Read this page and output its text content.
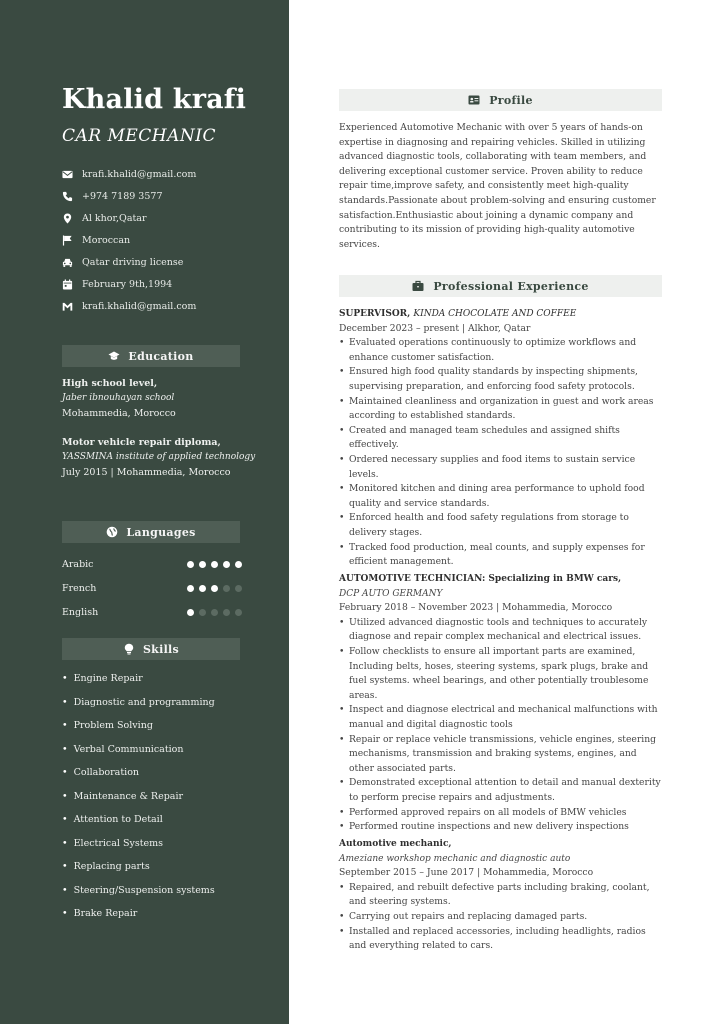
Khalid krafi
CAR MECHANIC
krafi.khalid@gmail.com
+974 7189 3577
Al khor,Qatar
Moroccan
Qatar driving license
February 9th,1994
krafi.khalid@gmail.com
Education
High school level,
Jaber ibnouhayan school
Mohammedia, Morocco
Motor vehicle repair diploma,
YASSMINA institute of applied technology
July 2015 | Mohammedia, Morocco
Languages
Arabic
French
English
Skills
• Engine Repair
• Diagnostic and programming
• Problem Solving
• Verbal Communication
• Collaboration
• Maintenance & Repair
• Attention to Detail
• Electrical Systems
• Replacing parts
• Steering/Suspension systems
• Brake Repair
Profile
Experienced Automotive Mechanic with over 5 years of hands-on expertise in diagnosing and repairing vehicles. Skilled in utilizing advanced diagnostic tools, collaborating with team members, and delivering exceptional customer service. Proven ability to reduce repair time,improve safety, and consistently meet high-quality standards.Passionate about problem-solving and ensuring customer satisfaction.Enthusiastic about joining a dynamic company and contributing to its mission of providing high-quality automotive services.
Professional Experience
SUPERVISOR, KINDA CHOCOLATE AND COFFEE
December 2023 – present | Alkhor, Qatar
• Evaluated operations continuously to optimize workflows and enhance customer satisfaction.
• Ensured high food quality standards by inspecting shipments, supervising preparation, and enforcing food safety protocols.
• Maintained cleanliness and organization in guest and work areas according to established standards.
• Created and managed team schedules and assigned shifts effectively.
• Ordered necessary supplies and food items to sustain service levels.
• Monitored kitchen and dining area performance to uphold food quality and service standards.
• Enforced health and food safety regulations from storage to delivery stages.
• Tracked food production, meal counts, and supply expenses for efficient management.
AUTOMOTIVE TECHNICIAN: Specializing in BMW cars,
DCP AUTO GERMANY
February 2018 – November 2023 | Mohammedia, Morocco
• Utilized advanced diagnostic tools and techniques to accurately diagnose and repair complex mechanical and electrical issues.
• Follow checklists to ensure all important parts are examined, Including belts, hoses, steering systems, spark plugs, brake and fuel systems. wheel bearings, and other potentially troublesome areas.
• Inspect and diagnose electrical and mechanical malfunctions with manual and digital diagnostic tools
• Repair or replace vehicle transmissions, vehicle engines, steering mechanisms, transmission and braking systems, engines, and other associated parts.
• Demonstrated exceptional attention to detail and manual dexterity to perform precise repairs and adjustments.
• Performed approved repairs on all models of BMW vehicles
• Performed routine inspections and new delivery inspections
Automotive mechanic,
Ameziane workshop mechanic and diagnostic auto
September 2015 – June 2017 | Mohammedia, Morocco
• Repaired, and rebuilt defective parts including braking, coolant, and steering systems.
• Carrying out repairs and replacing damaged parts.
• Installed and replaced accessories, including headlights, radios and everything related to cars.
